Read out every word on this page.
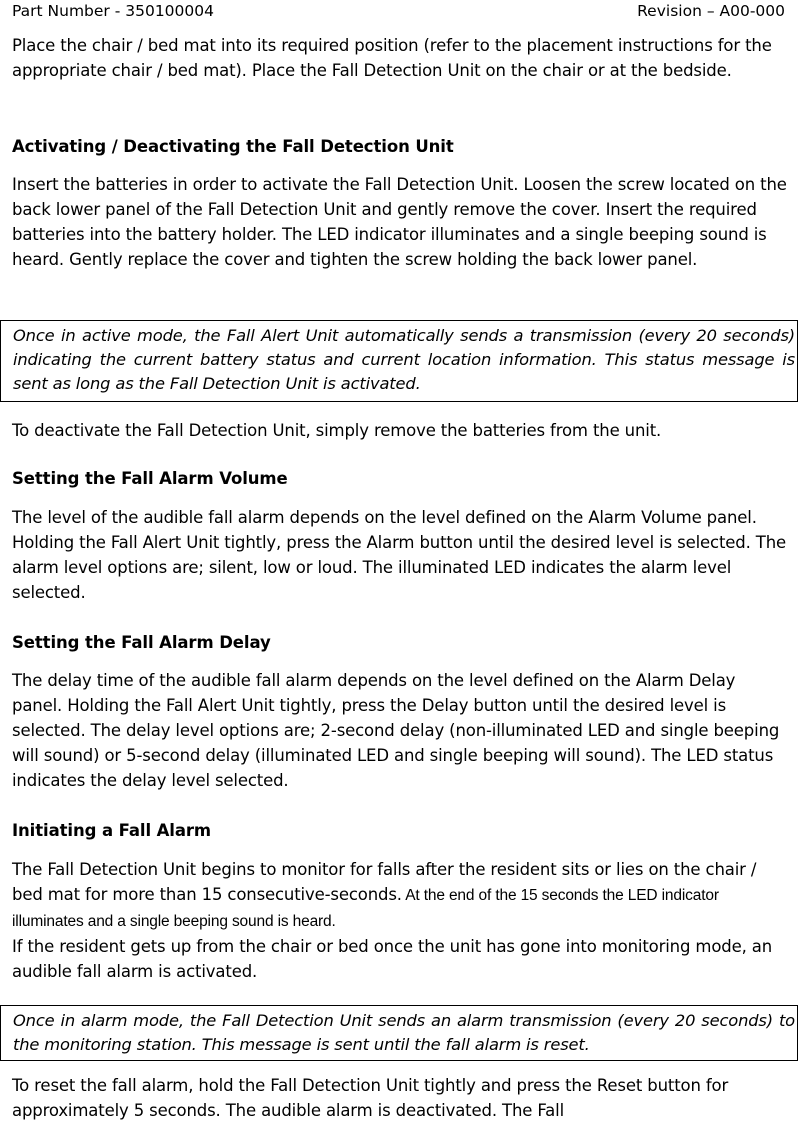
Part Number - 350100004	Revision – A00-000

Place the chair / bed mat into its required position (refer to the placement instructions for the appropriate chair / bed mat). Place the Fall Detection Unit on the chair or at the bedside.

Activating / Deactivating the Fall Detection Unit

Insert the batteries in order to activate the Fall Detection Unit. Loosen the screw located on the back lower panel of the Fall Detection Unit and gently remove the cover. Insert the required batteries into the battery holder. The LED indicator illuminates and a single beeping sound is heard. Gently replace the cover and tighten the screw holding the back lower panel.

Once in active mode, the Fall Alert Unit automatically sends a transmission (every 20 seconds) indicating the current battery status and current location information. This status message is sent as long as the Fall Detection Unit is activated.

To deactivate the Fall Detection Unit, simply remove the batteries from the unit.

Setting the Fall Alarm Volume

The level of the audible fall alarm depends on the level defined on the Alarm Volume panel. Holding the Fall Alert Unit tightly, press the Alarm button until the desired level is selected. The alarm level options are; silent, low or loud. The illuminated LED indicates the alarm level selected.

Setting the Fall Alarm Delay

The delay time of the audible fall alarm depends on the level defined on the Alarm Delay panel. Holding the Fall Alert Unit tightly, press the Delay button until the desired level is selected. The delay level options are; 2-second delay (non-illuminated LED and single beeping will sound) or 5-second delay (illuminated LED and single beeping will sound). The LED status indicates the delay level selected.

Initiating a Fall Alarm

The Fall Detection Unit begins to monitor for falls after the resident sits or lies on the chair / bed mat for more than 15 consecutive-seconds. At the end of the 15 seconds the LED indicator illuminates and a single beeping sound is heard.
If the resident gets up from the chair or bed once the unit has gone into monitoring mode, an audible fall alarm is activated.

Once in alarm mode, the Fall Detection Unit sends an alarm transmission (every 20 seconds) to the monitoring station. This message is sent until the fall alarm is reset.

To reset the fall alarm, hold the Fall Detection Unit tightly and press the Reset button for approximately 5 seconds. The audible alarm is deactivated. The Fall
